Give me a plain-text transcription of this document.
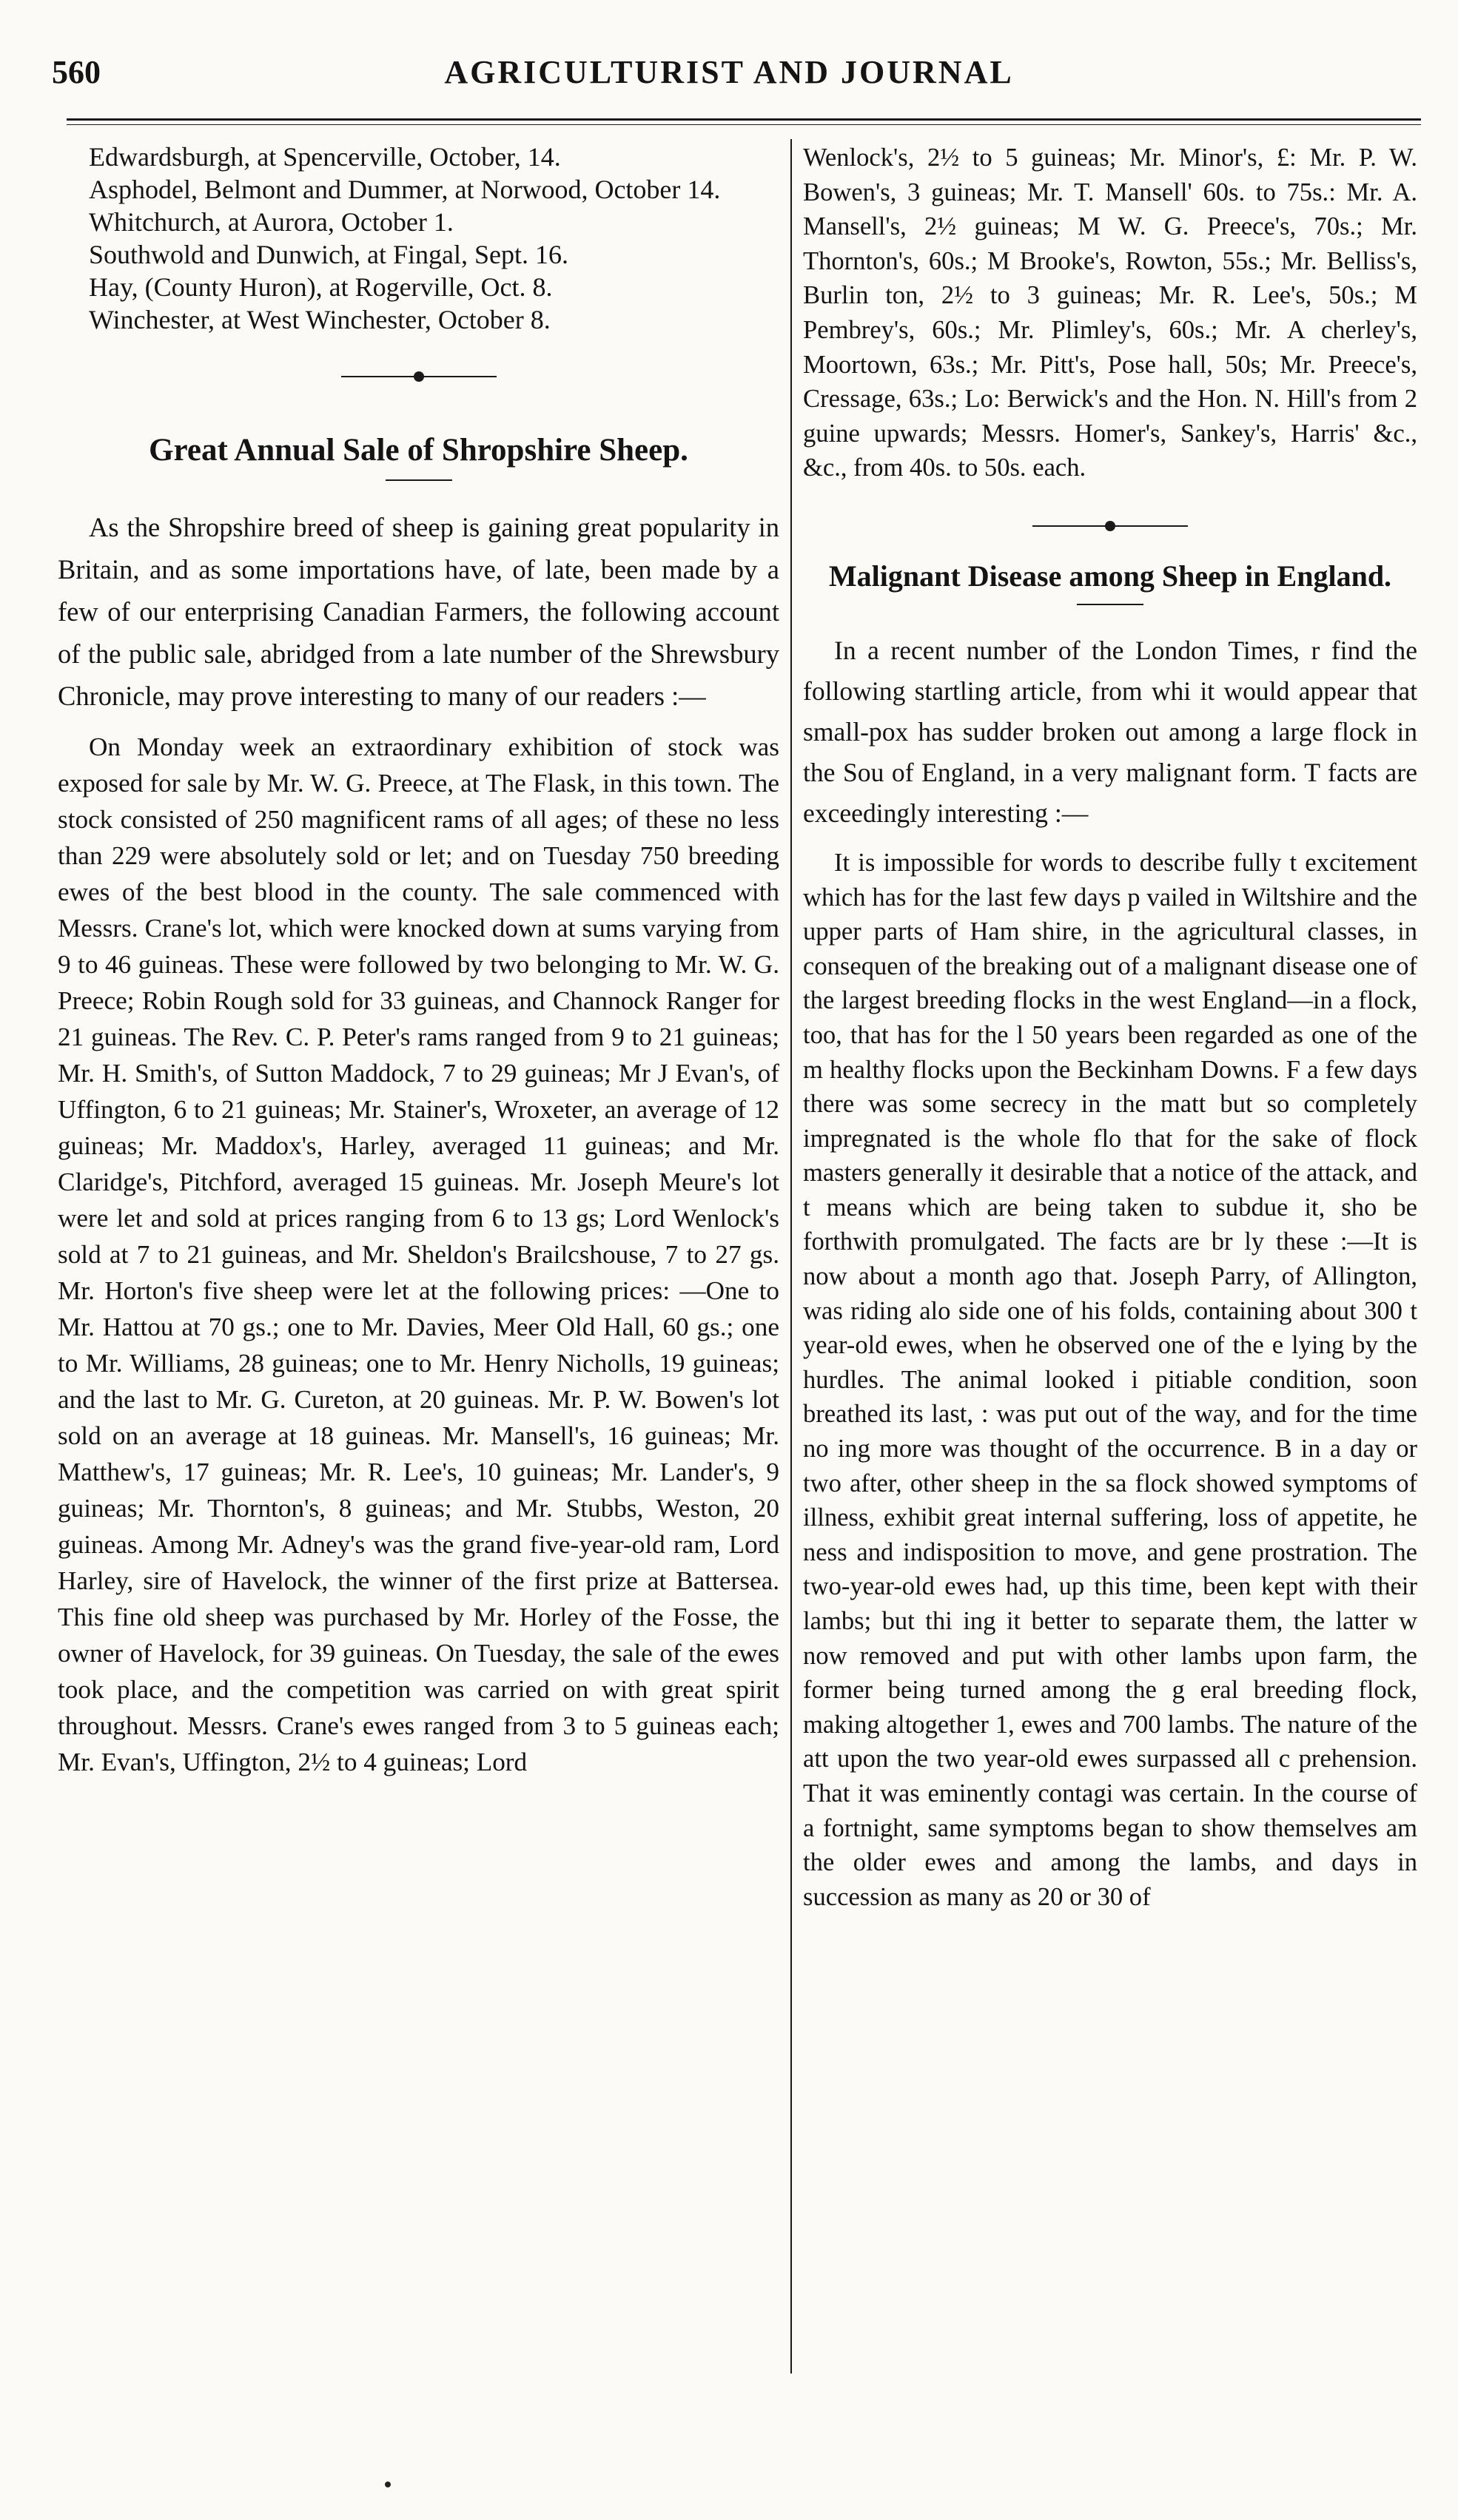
560	AGRICULTURIST AND JOURNAL

Edwardsburgh, at Spencerville, October, 14.

Asphodel, Belmont and Dummer, at Norwood, October 14.

Whitchurch, at Aurora, October 1.

Southwold and Dunwich, at Fingal, Sept. 16.

Hay, (County Huron), at Rogerville, Oct. 8.

Winchester, at West Winchester, October 8.

Great Annual Sale of Shropshire Sheep.

As the Shropshire breed of sheep is gaining great popularity in Britain, and as some importations have, of late, been made by a few of our enterprising Canadian Farmers, the following account of the public sale, abridged from a late number of the Shrewsbury Chronicle, may prove interesting to many of our readers :—

On Monday week an extraordinary exhibition of stock was exposed for sale by Mr. W. G. Preece, at The Flask, in this town. The stock consisted of 250 magnificent rams of all ages; of these no less than 229 were absolutely sold or let; and on Tuesday 750 breeding ewes of the best blood in the county. The sale commenced with Messrs. Crane's lot, which were knocked down at sums varying from 9 to 46 guineas. These were followed by two belonging to Mr. W. G. Preece; Robin Rough sold for 33 guineas, and Channock Ranger for 21 guineas. The Rev. C. P. Peter's rams ranged from 9 to 21 guineas; Mr. H. Smith's, of Sutton Maddock, 7 to 29 guineas; Mr J Evan's, of Uffington, 6 to 21 guineas; Mr. Stainer's, Wroxeter, an average of 12 guineas; Mr. Maddox's, Harley, averaged 11 guineas; and Mr. Claridge's, Pitchford, averaged 15 guineas. Mr. Joseph Meure's lot were let and sold at prices ranging from 6 to 13 gs; Lord Wenlock's sold at 7 to 21 guineas, and Mr. Sheldon's Brailcshouse, 7 to 27 gs. Mr. Horton's five sheep were let at the following prices: —One to Mr. Hattou at 70 gs.; one to Mr. Davies, Meer Old Hall, 60 gs.; one to Mr. Williams, 28 guineas; one to Mr. Henry Nicholls, 19 guineas; and the last to Mr. G. Cureton, at 20 guineas. Mr. P. W. Bowen's lot sold on an average at 18 guineas. Mr. Mansell's, 16 guineas; Mr. Matthew's, 17 guineas; Mr. R. Lee's, 10 guineas; Mr. Lander's, 9 guineas; Mr. Thornton's, 8 guineas; and Mr. Stubbs, Weston, 20 guineas. Among Mr. Adney's was the grand five-year-old ram, Lord Harley, sire of Havelock, the winner of the first prize at Battersea. This fine old sheep was purchased by Mr. Horley of the Fosse, the owner of Havelock, for 39 guineas. On Tuesday, the sale of the ewes took place, and the competition was carried on with great spirit throughout. Messrs. Crane's ewes ranged from 3 to 5 guineas each; Mr. Evan's, Uffington, 2½ to 4 guineas; Lord

Wenlock's, 2½ to 5 guineas; Mr. Minor's, £: Mr. P. W. Bowen's, 3 guineas; Mr. T. Mansell' 60s. to 75s.: Mr. A. Mansell's, 2½ guineas; M W. G. Preece's, 70s.; Mr. Thornton's, 60s.; M Brooke's, Rowton, 55s.; Mr. Belliss's, Burlin ton, 2½ to 3 guineas; Mr. R. Lee's, 50s.; M Pembrey's, 60s.; Mr. Plimley's, 60s.; Mr. A cherley's, Moortown, 63s.; Mr. Pitt's, Pose hall, 50s; Mr. Preece's, Cressage, 63s.; Lo: Berwick's and the Hon. N. Hill's from 2 guine upwards; Messrs. Homer's, Sankey's, Harris' &c., &c., from 40s. to 50s. each.

Malignant Disease among Sheep in England.

In a recent number of the London Times, r find the following startling article, from whi it would appear that small-pox has sudder broken out among a large flock in the Sou of England, in a very malignant form. T facts are exceedingly interesting :—

It is impossible for words to describe fully t excitement which has for the last few days p vailed in Wiltshire and the upper parts of Ham shire, in the agricultural classes, in consequen of the breaking out of a malignant disease one of the largest breeding flocks in the west England—in a flock, too, that has for the l 50 years been regarded as one of the m healthy flocks upon the Beckinham Downs. F a few days there was some secrecy in the matt but so completely impregnated is the whole flo that for the sake of flock masters generally it desirable that a notice of the attack, and t means which are being taken to subdue it, sho be forthwith promulgated. The facts are br ly these :—It is now about a month ago that. Joseph Parry, of Allington, was riding alo side one of his folds, containing about 300 t year-old ewes, when he observed one of the e lying by the hurdles. The animal looked i pitiable condition, soon breathed its last, : was put out of the way, and for the time no ing more was thought of the occurrence. B in a day or two after, other sheep in the sa flock showed symptoms of illness, exhibit great internal suffering, loss of appetite, he ness and indisposition to move, and gene prostration. The two-year-old ewes had, up this time, been kept with their lambs; but thi ing it better to separate them, the latter w now removed and put with other lambs upon farm, the former being turned among the g eral breeding flock, making altogether 1, ewes and 700 lambs. The nature of the att upon the two year-old ewes surpassed all c prehension. That it was eminently contagi was certain. In the course of a fortnight, same symptoms began to show themselves am the older ewes and among the lambs, and days in succession as many as 20 or 30 of
